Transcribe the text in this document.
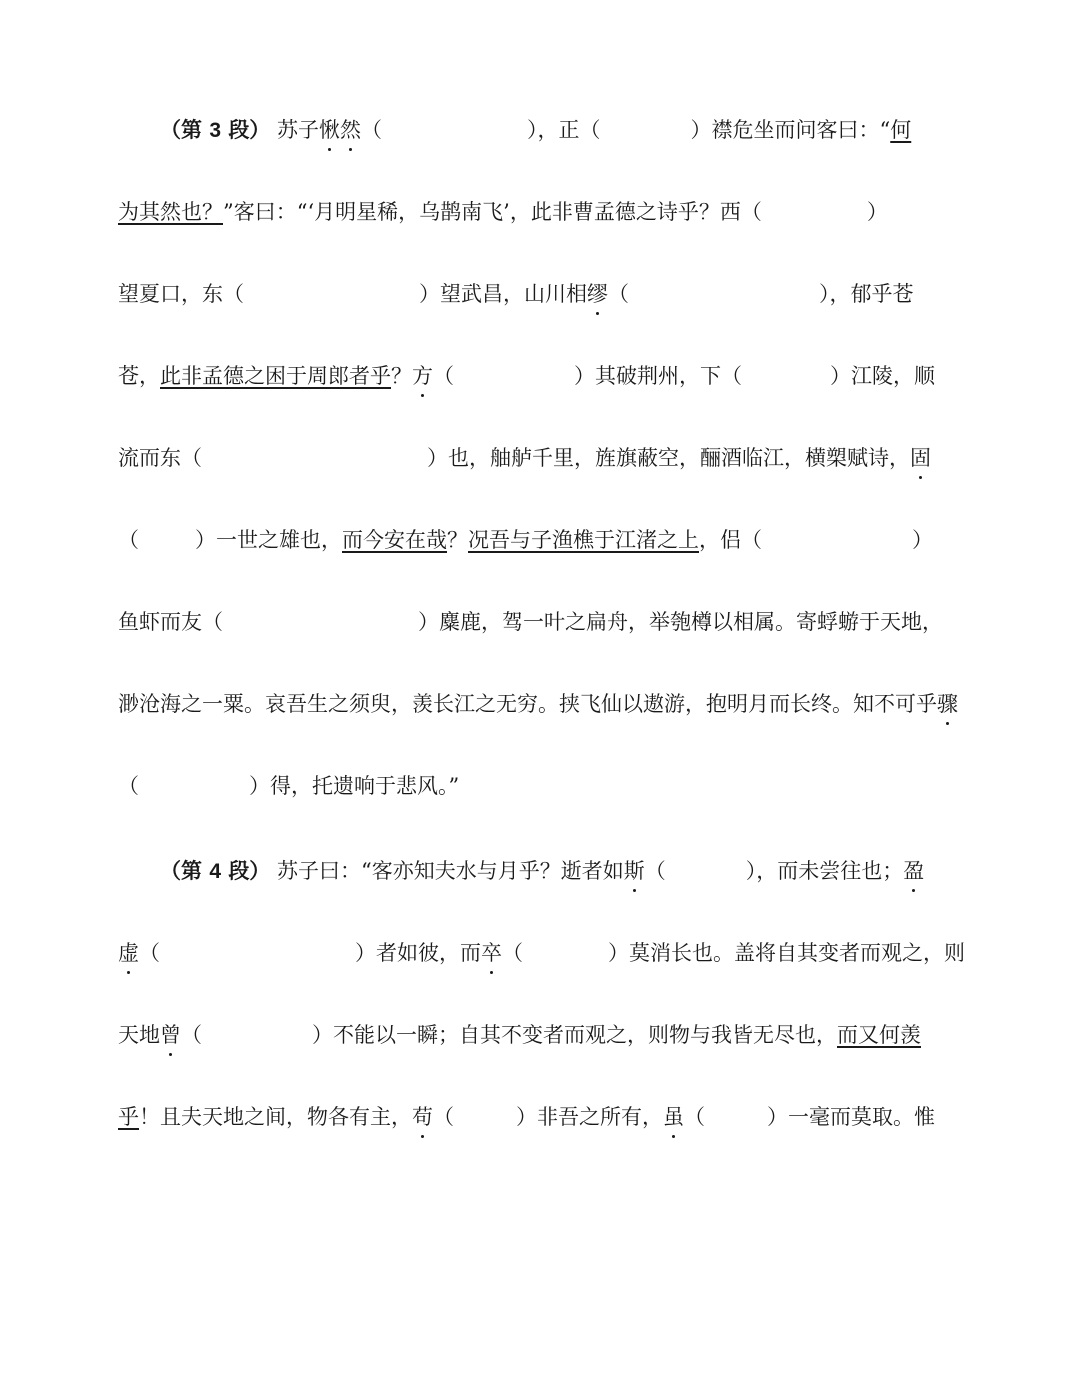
（第 3 段） 苏子愀然（	），正（	）襟危坐而问客曰：“何
为其然也？”客曰：“‘月明星稀，乌鹊南飞’，此非曹孟德之诗乎？西（	）
望夏口，东（	）望武昌，山川相缪（	），郁乎苍
苍，此非孟德之困于周郎者乎？方（	）其破荆州，下（	）江陵，顺
流而东（	）也，舳舻千里，旌旗蔽空，酾酒临江，横槊赋诗，固
（	）一世之雄也，而今安在哉？况吾与子渔樵于江渚之上，侣（	）
鱼虾而友（	）麋鹿，驾一叶之扁舟，举匏樽以相属。寄蜉蝣于天地，
渺沧海之一粟。哀吾生之须臾，羡长江之无穷。挟飞仙以遨游，抱明月而长终。知不可乎骤
（	）得，托遗响于悲风。”
（第 4 段） 苏子曰：“客亦知夫水与月乎？逝者如斯（	），而未尝往也；盈
虚（	）者如彼，而卒（	）莫消长也。盖将自其变者而观之，则
天地曾（	）不能以一瞬；自其不变者而观之，则物与我皆无尽也，而又何羡
乎！且夫天地之间，物各有主，苟（	）非吾之所有，虽（	）一毫而莫取。惟
